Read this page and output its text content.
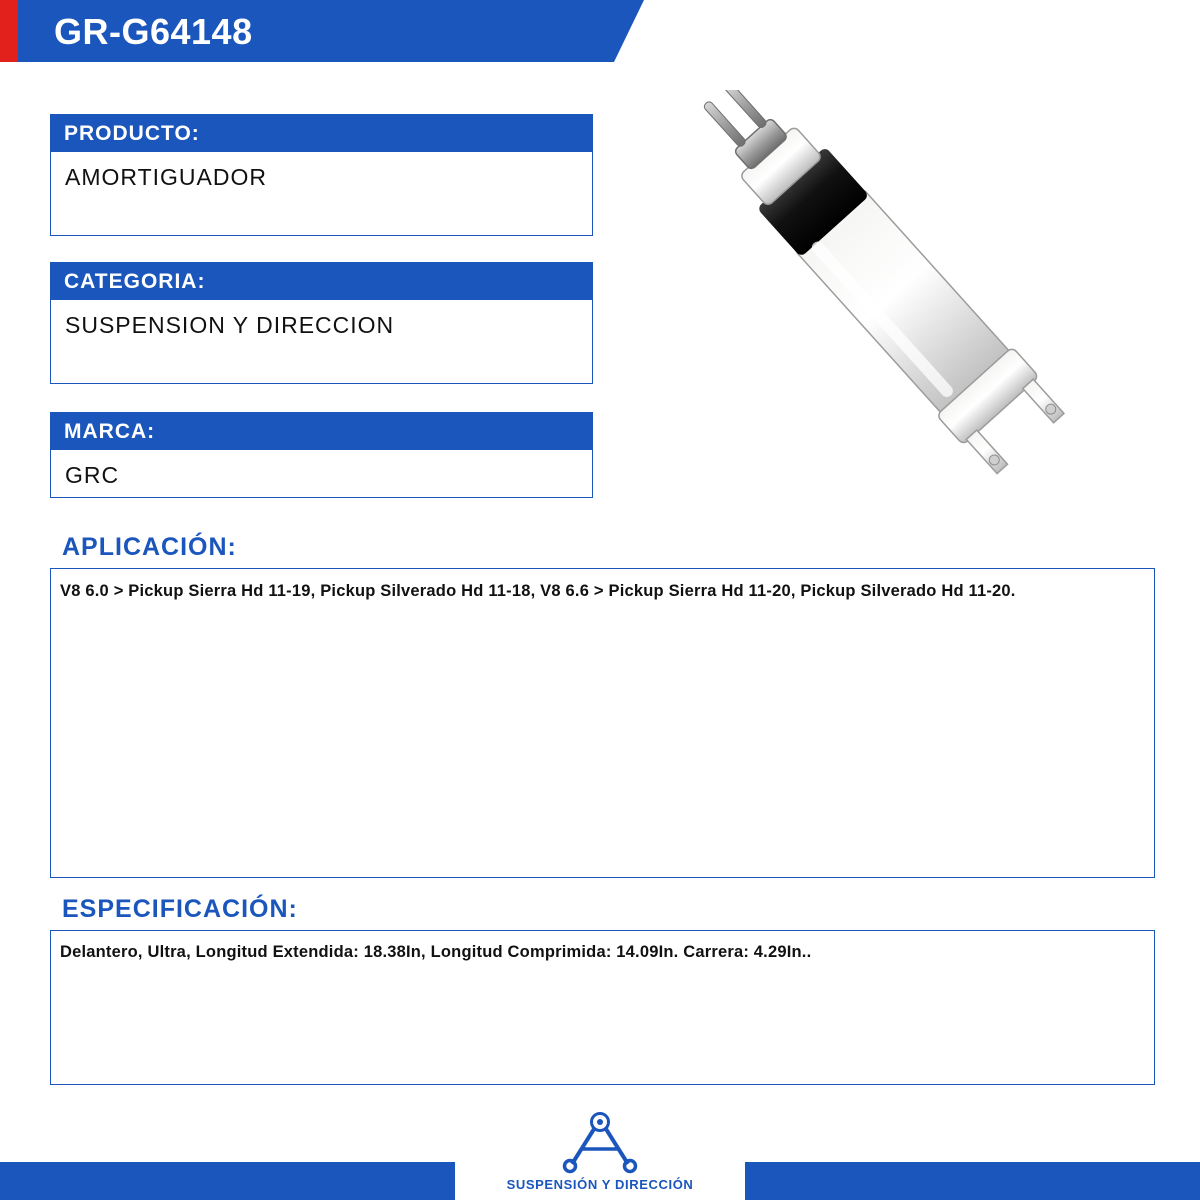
GR-G64148
PRODUCTO:
AMORTIGUADOR
CATEGORIA:
SUSPENSION Y DIRECCION
MARCA:
GRC
APLICACIÓN:
V8 6.0 > Pickup Sierra Hd 11-19, Pickup Silverado Hd 11-18, V8 6.6 > Pickup Sierra Hd 11-20, Pickup Silverado Hd 11-20.
ESPECIFICACIÓN:
Delantero, Ultra, Longitud Extendida: 18.38In, Longitud Comprimida: 14.09In. Carrera: 4.29In..
SUSPENSIÓN Y DIRECCIÓN
